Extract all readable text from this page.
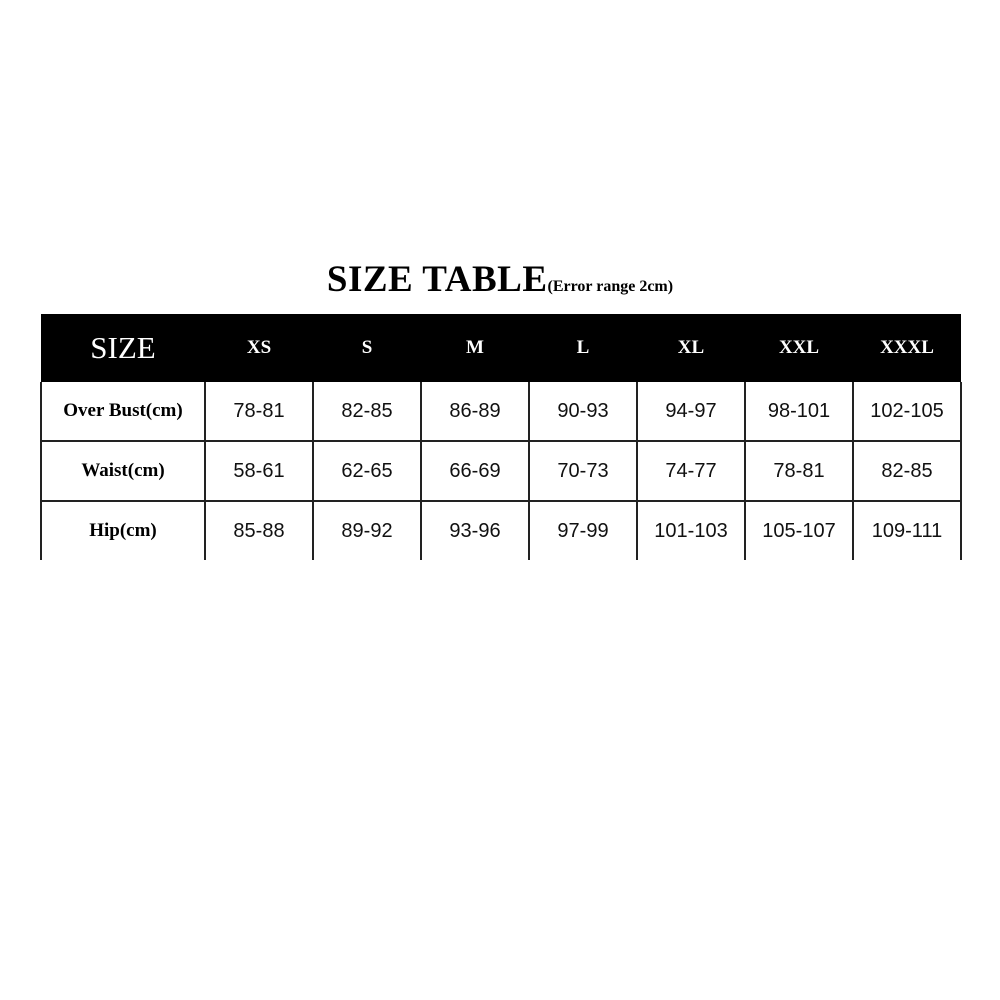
SIZE TABLE(Error range 2cm)
SIZE	XS	S	M	L	XL	XXL	XXXL
Over Bust(cm)	78-81	82-85	86-89	90-93	94-97	98-101	102-105
Waist(cm)	58-61	62-65	66-69	70-73	74-77	78-81	82-85
Hip(cm)	85-88	89-92	93-96	97-99	101-103	105-107	109-111
